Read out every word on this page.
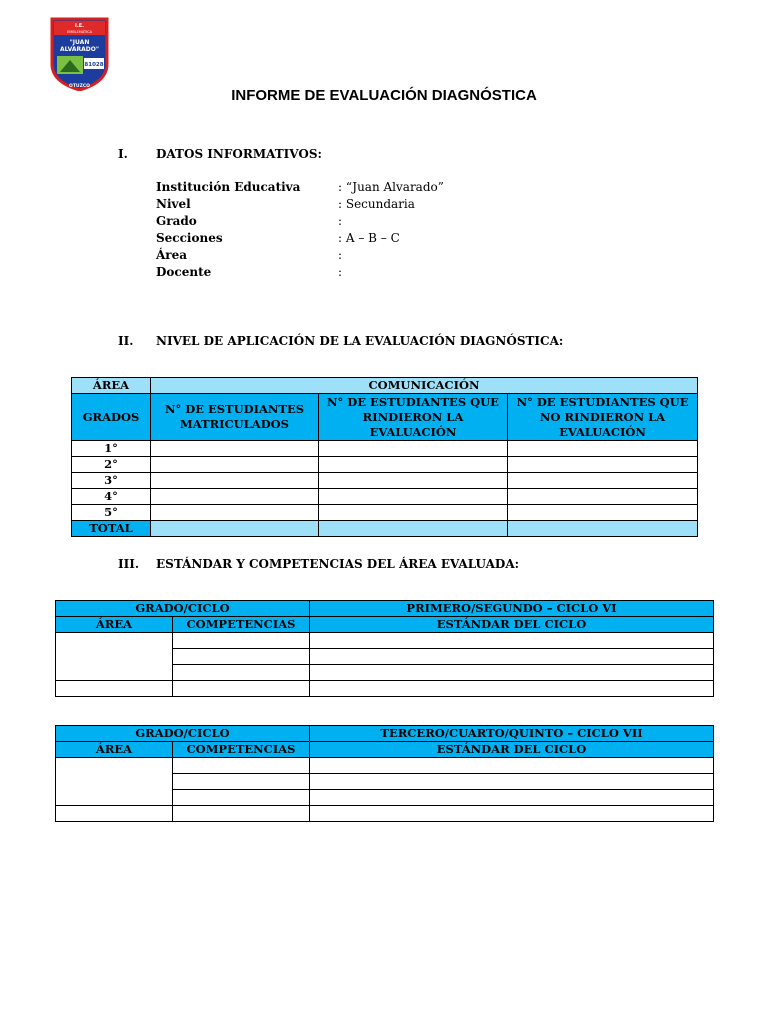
I.E.
EMBLEMÁTICA
"JUAN
ALVARADO"
81028
OTUZCO
INFORME DE EVALUACIÓN DIAGNÓSTICA
I.	DATOS INFORMATIVOS:
Institución Educativa	: “Juan Alvarado”
Nivel	: Secundaria
Grado	:
Secciones	: A – B – C
Área	:
Docente	:
II.	NIVEL DE APLICACIÓN DE LA EVALUACIÓN DIAGNÓSTICA:
ÁREA	COMUNICACIÓN		
GRADOS	N° DE ESTUDIANTES MATRICULADOS	N° DE ESTUDIANTES QUE RINDIERON LA EVALUACIÓN	N° DE ESTUDIANTES QUE NO RINDIERON LA EVALUACIÓN
1°			
2°			
3°			
4°			
5°			
TOTAL			
III.	ESTÁNDAR Y COMPETENCIAS DEL ÁREA EVALUADA:
GRADO/CICLO		PRIMERO/SEGUNDO – CICLO VI
ÁREA	COMPETENCIAS	ESTÁNDAR DEL CICLO

GRADO/CICLO		TERCERO/CUARTO/QUINTO – CICLO VII
ÁREA	COMPETENCIAS	ESTÁNDAR DEL CICLO
